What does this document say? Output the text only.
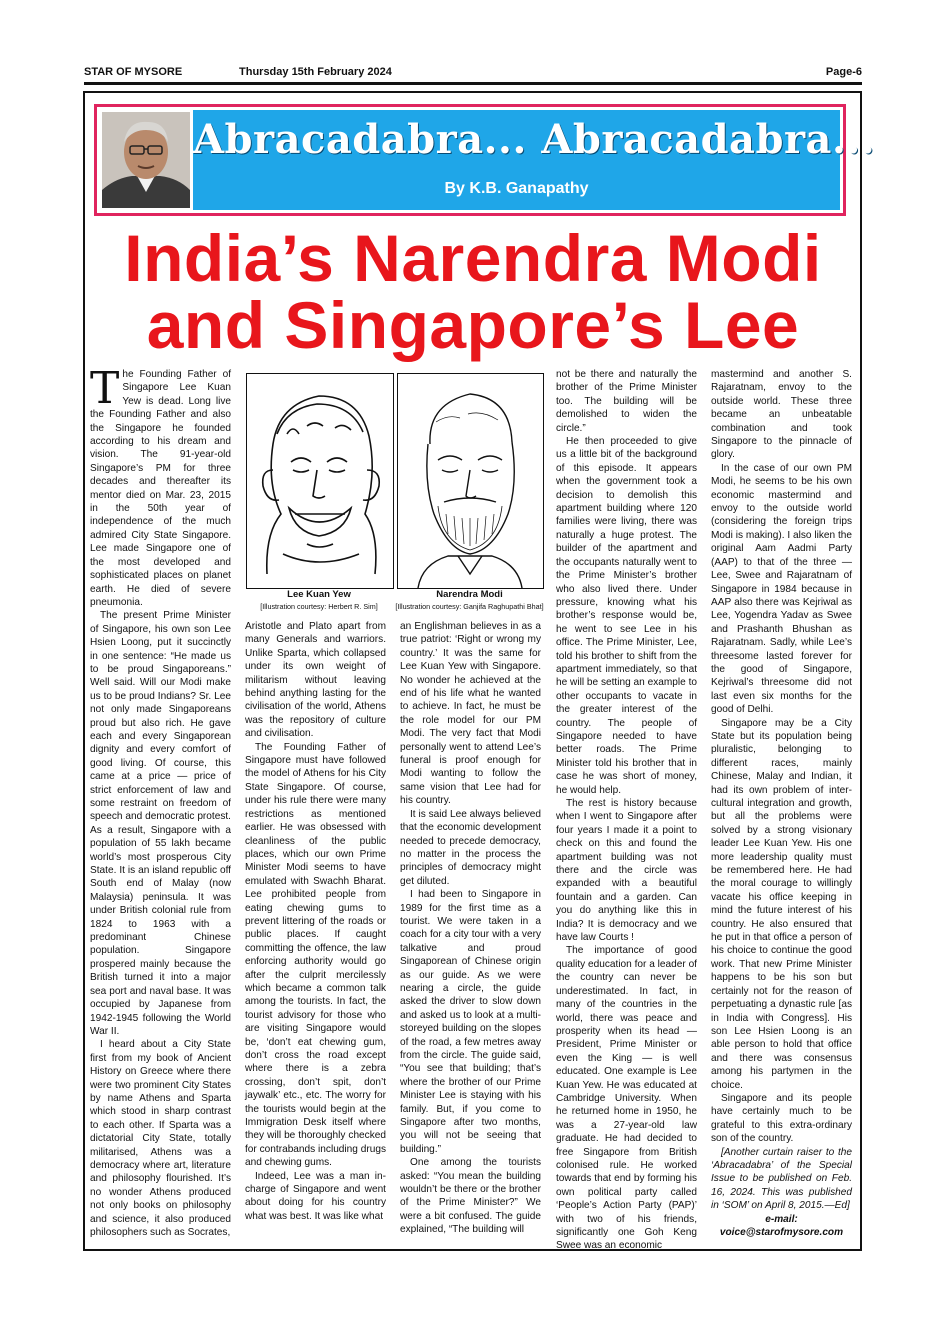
STAR OF MYSORE	Thursday 15th February 2024	Page-6
Abracadabra... Abracadabra...
By K.B. Ganapathy
India’s Narendra Modi
and Singapore’s Lee

The Founding Father of Singapore Lee Kuan Yew is dead. Long live the Founding Father and also the Singapore he founded according to his dream and vision. The 91-year-old Singapore’s PM for three decades and thereafter its mentor died on Mar. 23, 2015 in the 50th year of independence of the much admired City State Singapore. Lee made Singapore one of the most developed and sophisticated places on planet earth. He died of severe pneumonia.

The present Prime Minister of Singapore, his own son Lee Hsien Loong, put it succinctly in one sentence: “He made us to be proud Singaporeans.” Well said. Will our Modi make us to be proud Indians? Sr. Lee not only made Singaporeans proud but also rich. He gave each and every Singaporean dignity and every comfort of good living. Of course, this came at a price — price of strict enforcement of law and some restraint on freedom of speech and democratic protest. As a result, Singapore with a population of 55 lakh became world’s most prosperous City State. It is an island republic off South end of Malay (now Malaysia) peninsula. It was under British colonial rule from 1824 to 1963 with a predominant Chinese population. Singapore prospered mainly because the British turned it into a major sea port and naval base. It was occupied by Japanese from 1942-1945 following the World War II.

I heard about a City State first from my book of Ancient History on Greece where there were two prominent City States by name Athens and Sparta which stood in sharp contrast to each other. If Sparta was a dictatorial City State, totally militarised, Athens was a democracy where art, literature and philosophy flourished. It’s no wonder Athens produced not only books on philosophy and science, it also produced philosophers such as Socrates,

Lee Kuan Yew	Narendra Modi
[Illustration courtesy: Herbert R. Sim]	[Illustration courtesy: Ganjifa Raghupathi Bhat]

Aristotle and Plato apart from many Generals and warriors. Unlike Sparta, which collapsed under its own weight of militarism without leaving behind anything lasting for the civilisation of the world, Athens was the repository of culture and civilisation.

The Founding Father of Singapore must have followed the model of Athens for his City State Singapore. Of course, under his rule there were many restrictions as mentioned earlier. He was obsessed with cleanliness of the public places, which our own Prime Minister Modi seems to have emulated with Swachh Bharat. Lee prohibited people from eating chewing gums to prevent littering of the roads or public places. If caught committing the offence, the law enforcing authority would go after the culprit mercilessly which became a common talk among the tourists. In fact, the tourist advisory for those who are visiting Singapore would be, ‘don’t eat chewing gum, don’t cross the road except where there is a zebra crossing, don’t spit, don’t jaywalk’ etc., etc. The worry for the tourists would begin at the Immigration Desk itself where they will be thoroughly checked for contrabands including drugs and chewing gums.

Indeed, Lee was a man in-charge of Singapore and went about doing for his country what was best. It was like what

an Englishman believes in as a true patriot: ‘Right or wrong my country.’ It was the same for Lee Kuan Yew with Singapore. No wonder he achieved at the end of his life what he wanted to achieve. In fact, he must be the role model for our PM Modi. The very fact that Modi personally went to attend Lee’s funeral is proof enough for Modi wanting to follow the same vision that Lee had for his country.

It is said Lee always believed that the economic development needed to precede democracy, no matter in the process the principles of democracy might get diluted.

I had been to Singapore in 1989 for the first time as a tourist. We were taken in a coach for a city tour with a very talkative and proud Singaporean of Chinese origin as our guide. As we were nearing a circle, the guide asked the driver to slow down and asked us to look at a multi-storeyed building on the slopes of the road, a few metres away from the circle. The guide said, “You see that building; that’s where the brother of our Prime Minister Lee is staying with his family. But, if you come to Singapore after two months, you will not be seeing that building.”

One among the tourists asked: “You mean the building wouldn’t be there or the brother of the Prime Minister?” We were a bit confused. The guide explained, “The building will

not be there and naturally the brother of the Prime Minister too. The building will be demolished to widen the circle.”

He then proceeded to give us a little bit of the background of this episode. It appears when the government took a decision to demolish this apartment building where 120 families were living, there was naturally a huge protest. The builder of the apartment and the occupants naturally went to the Prime Minister’s brother who also lived there. Under pressure, knowing what his brother’s response would be, he went to see Lee in his office. The Prime Minister, Lee, told his brother to shift from the apartment immediately, so that he will be setting an example to other occupants to vacate in the greater interest of the country. The people of Singapore needed to have better roads. The Prime Minister told his brother that in case he was short of money, he would help.

The rest is history because when I went to Singapore after four years I made it a point to check on this and found the apartment building was not there and the circle was expanded with a beautiful fountain and a garden. Can you do anything like this in India? It is democracy and we have law Courts !

The importance of good quality education for a leader of the country can never be underestimated. In fact, in many of the countries in the world, there was peace and prosperity when its head — President, Prime Minister or even the King — is well educated. One example is Lee Kuan Yew. He was educated at Cambridge University. When he returned home in 1950, he was a 27-year-old law graduate. He had decided to free Singapore from British colonised rule. He worked towards that end by forming his own political party called ‘People’s Action Party (PAP)’ with two of his friends, significantly one Goh Keng Swee was an economic

mastermind and another S. Rajaratnam, envoy to the outside world. These three became an unbeatable combination and took Singapore to the pinnacle of glory.

In the case of our own PM Modi, he seems to be his own economic mastermind and envoy to the outside world (considering the foreign trips Modi is making). I also liken the original Aam Aadmi Party (AAP) to that of the three — Lee, Swee and Rajaratnam of Singapore in 1984 because in AAP also there was Kejriwal as Lee, Yogendra Yadav as Swee and Prashanth Bhushan as Rajaratnam. Sadly, while Lee’s threesome lasted forever for the good of Singapore, Kejriwal’s threesome did not last even six months for the good of Delhi.

Singapore may be a City State but its population being pluralistic, belonging to different races, mainly Chinese, Malay and Indian, it had its own problem of inter-cultural integration and growth, but all the problems were solved by a strong visionary leader Lee Kuan Yew. His one more leadership quality must be remembered here. He had the moral courage to willingly vacate his office keeping in mind the future interest of his country. He also ensured that he put in that office a person of his choice to continue the good work. That new Prime Minister happens to be his son but certainly not for the reason of perpetuating a dynastic rule [as in India with Congress]. His son Lee Hsien Loong is an able person to hold that office and there was consensus among his partymen in the choice.

Singapore and its people have certainly much to be grateful to this extra-ordinary son of the country.

[Another curtain raiser to the ‘Abracadabra’ of the Special Issue to be published on Feb. 16, 2024. This was published in ‘SOM’ on April 8, 2015.—Ed]

e-mail:

voice@starofmysore.com
